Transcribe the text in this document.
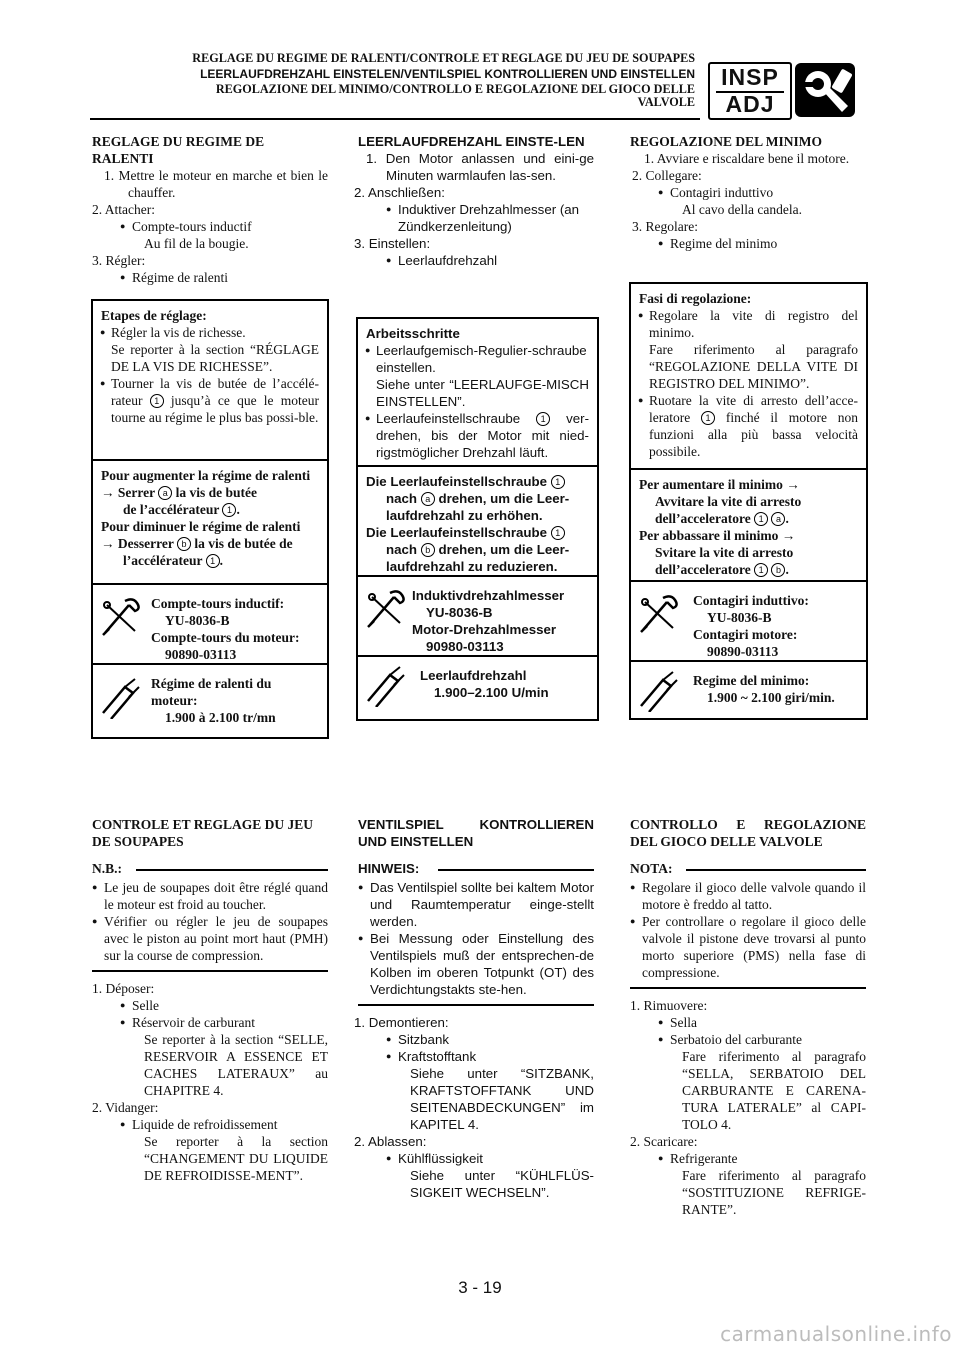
REGLAGE DU REGIME DE RALENTI/CONTROLE ET REGLAGE DU JEU DE SOUPAPES
LEERLAUFDREHZAHL EINSTELEN/VENTILSPIEL KONTROLLIEREN UND EINSTELLEN
REGOLAZIONE DEL MINIMO/CONTROLLO E REGOLAZIONE DEL GIOCO DELLE
VALVOLE
INSP
ADJ

REGLAGE DU REGIME DE RALENTI

1. Mettre le moteur en marche et bien le chauffer.

2. Attacher:

● Compte-tours inductif

Au fil de la bougie.

3. Régler:

● Régime de ralenti

Etapes de réglage:

● Régler la vis de richesse.

Se reporter à la section “RÉGLAGE DE LA VIS DE RICHESSE”.

● Tourner la vis de butée de l’accélé-rateur 1 jusqu’à ce que le moteur tourne au régime le plus bas possi-ble.

Pour augmenter la régime de ralenti → Serrer a la vis de butée

de l’accélérateur 1 .

Pour diminuer le régime de ralenti

→ Desserrer b la vis de butée de

l’accélérateur 1 .

Compte-tours inductif:
YU-8036-B
Compte-tours du moteur:
90890-03113
Régime de ralenti du moteur:
1.900 à 2.100 tr/mn

LEERLAUFDREHZAHL EINSTE-LEN

1. Den Motor anlassen und eini-ge Minuten warmlaufen las-sen.

2. Anschließen:

● Induktiver Drehzahlmesser (an Zündkerzenleitung)

3. Einstellen:

● Leerlaufdrehzahl

Arbeitsschritte

● Leerlaufgemisch-Regulier-schraube einstellen.

Siehe unter “LEERLAUFGE-MISCH EINSTELLEN”.

● Leerlaufeinstellschraube 1 ver-drehen, bis der Motor mit nied-rigstmöglicher Drehzahl läuft.

Die Leerlaufeinstellschraube 1

nach a drehen, um die Leer-laufdrehzahl zu erhöhen.

Die Leerlaufeinstellschraube 1

nach b drehen, um die Leer-laufdrehzahl zu reduzieren.

Induktivdrehzahlmesser
YU-8036-B
Motor-Drehzahlmesser
90980-03113
Leerlaufdrehzahl
1.900–2.100 U/min

REGOLAZIONE DEL MINIMO

1. Avviare e riscaldare bene il motore.

2. Collegare:

● Contagiri induttivo

Al cavo della candela.

3. Regolare:

● Regime del minimo

Fasi di regolazione:

● Regolare la vite di registro del minimo.

Fare riferimento al paragrafo “REGOLAZIONE DELLA VITE DI REGISTRO DEL MINIMO”.

● Ruotare la vite di arresto dell’acce-leratore 1 finché il motore non funzioni alla più bassa velocità possibile.

Per aumentare il minimo →

Avvitare la vite di arresto

dell’acceleratore 1 a .

Per abbassare il minimo →

Svitare la vite di arresto

dell’acceleratore 1 b .

Contagiri induttivo:
YU-8036-B
Contagiri motore:
90890-03113
Regime del minimo:
1.900 ~ 2.100 giri/min.

CONTROLE ET REGLAGE DU JEU DE SOUPAPES

N.B.:

● Le jeu de soupapes doit être réglé quand le moteur est froid au toucher.

● Vérifier ou régler le jeu de soupapes avec le piston au point mort haut (PMH) sur la course de compression.

1. Déposer:

● Selle

● Réservoir de carburant

Se reporter à la section “SELLE, RESERVOIR A ESSENCE ET CACHES LATERAUX” au CHAPITRE 4.

2. Vidanger:

● Liquide de refroidissement

Se reporter à la section “CHANGEMENT DU LIQUIDE DE REFROIDISSE-MENT”.

VENTILSPIEL KONTROLLIEREN UND EINSTELLEN

HINWEIS:

● Das Ventilspiel sollte bei kaltem Motor und Raumtemperatur einge-stellt werden.

● Bei Messung oder Einstellung des Ventilspiels muß der entsprechen-de Kolben im oberen Totpunkt (OT) des Verdichtungstakts ste-hen.

1. Demontieren:

● Sitzbank

● Kraftstofftank

Siehe unter “SITZBANK, KRAFTSTOFFTANK UND SEITENABDECKUNGEN” im KAPITEL 4.

2. Ablassen:

● Kühlflüssigkeit

Siehe unter “KÜHLFLÜS-SIGKEIT WECHSELN”.

CONTROLLO E REGOLAZIONE DEL GIOCO DELLE VALVOLE

NOTA:

● Regolare il gioco delle valvole quando il motore è freddo al tatto.

● Per controllare o regolare il gioco delle valvole il pistone deve trovarsi al punto morto superiore (PMS) nella fase di compressione.

1. Rimuovere:

● Sella

● Serbatoio del carburante

Fare riferimento al paragrafo “SELLA, SERBATOIO DEL CARBURANTE E CARENA-TURA LATERALE” al CAPI-TOLO 4.

2. Scaricare:

● Refrigerante

Fare riferimento al paragrafo “SOSTITUZIONE REFRIGE-RANTE”.

3 - 19
carmanualsonline.info
